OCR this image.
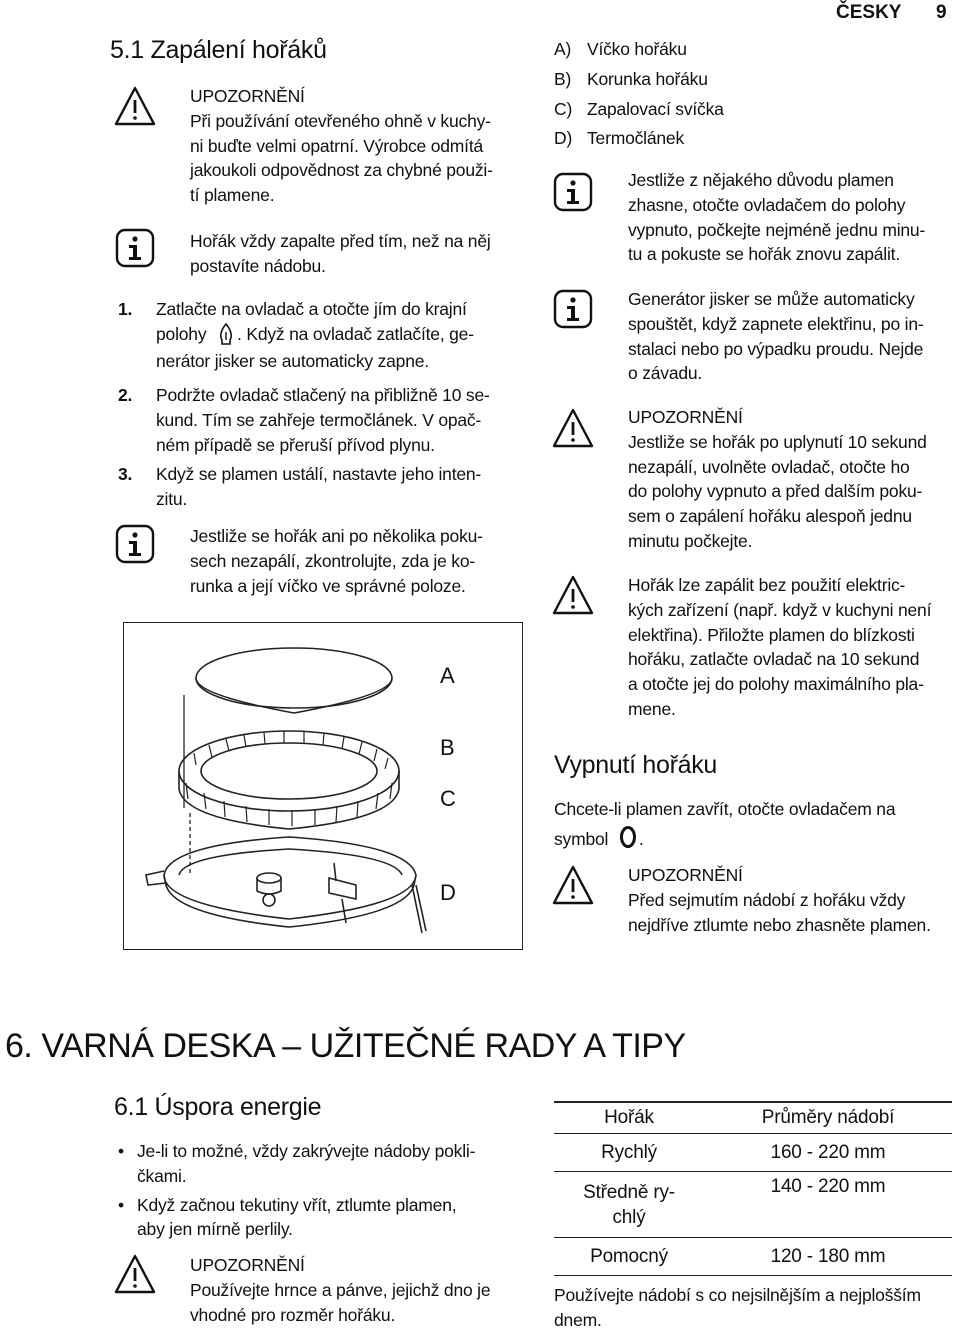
ČESKY 9
5.1 Zapálení hořáků
UPOZORNĚNÍ
Při používání otevřeného ohně v kuchy-
ni buďte velmi opatrní. Výrobce odmítá
jakoukoli odpovědnost za chybné použi-
tí plamene.
Hořák vždy zapalte před tím, než na něj
postavíte nádobu.
1. Zatlačte na ovladač a otočte jím do krajní
polohy . Když na ovladač zatlačíte, ge-
nerátor jisker se automaticky zapne.
2. Podržte ovladač stlačený na přibližně 10 se-
kund. Tím se zahřeje termočlánek. V opač-
ném případě se přeruší přívod plynu.
3. Když se plamen ustálí, nastavte jeho inten-
zitu.
Jestliže se hořák ani po několika poku-
sech nezapálí, zkontrolujte, zda je ko-
runka a její víčko ve správné poloze.
A
B
C
D
A) Víčko hořáku
B) Korunka hořáku
C) Zapalovací svíčka
D) Termočlánek
Jestliže z nějakého důvodu plamen
zhasne, otočte ovladačem do polohy
vypnuto, počkejte nejméně jednu minu-
tu a pokuste se hořák znovu zapálit.
Generátor jisker se může automaticky
spouštět, když zapnete elektřinu, po in-
stalaci nebo po výpadku proudu. Nejde
o závadu.
UPOZORNĚNÍ
Jestliže se hořák po uplynutí 10 sekund
nezapálí, uvolněte ovladač, otočte ho
do polohy vypnuto a před dalším poku-
sem o zapálení hořáku alespoň jednu
minutu počkejte.
Hořák lze zapálit bez použití elektric-
kých zařízení (např. když v kuchyni není
elektřina). Přiložte plamen do blízkosti
hořáku, zatlačte ovladač na 10 sekund
a otočte jej do polohy maximálního pla-
mene.
Vypnutí hořáku
Chcete-li plamen zavřít, otočte ovladačem na
symbol .
UPOZORNĚNÍ
Před sejmutím nádobí z hořáku vždy
nejdříve ztlumte nebo zhasněte plamen.
6. VARNÁ DESKA – UŽITEČNÉ RADY A TIPY
6.1 Úspora energie
• Je-li to možné, vždy zakrývejte nádoby pokli-
čkami.
• Když začnou tekutiny vřít, ztlumte plamen,
aby jen mírně perlily.
UPOZORNĚNÍ
Používejte hrnce a pánve, jejichž dno je
vhodné pro rozměr hořáku.
Hořák	Průměry nádobí
Rychlý	160 - 220 mm

Středně ry-
chlý	140 - 220 mm
Pomocný	120 - 180 mm
Používejte nádobí s co nejsilnějším a nejplošším
dnem.
